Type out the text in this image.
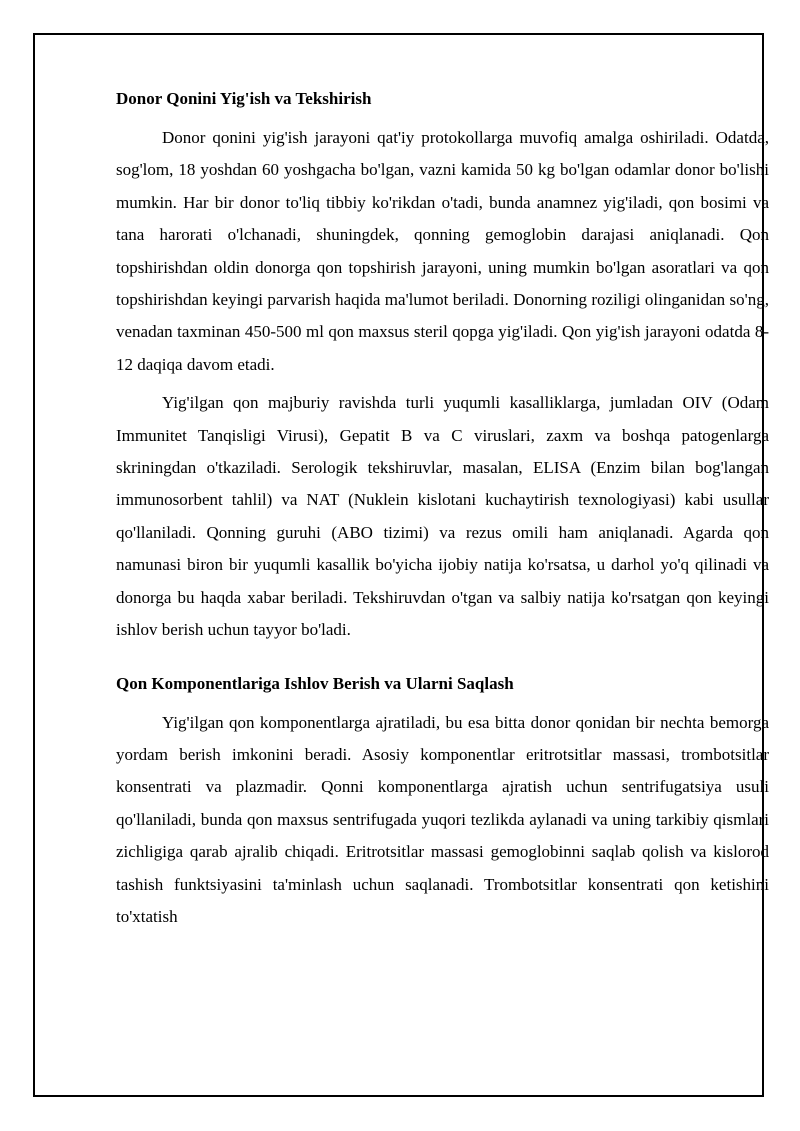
Donor Qonini Yig'ish va Tekshirish

Donor qonini yig'ish jarayoni qat'iy protokollarga muvofiq amalga oshiriladi. Odatda, sog'lom, 18 yoshdan 60 yoshgacha bo'lgan, vazni kamida 50 kg bo'lgan odamlar donor bo'lishi mumkin. Har bir donor to'liq tibbiy ko'rikdan o'tadi, bunda anamnez yig'iladi, qon bosimi va tana harorati o'lchanadi, shuningdek, qonning gemoglobin darajasi aniqlanadi. Qon topshirishdan oldin donorga qon topshirish jarayoni, uning mumkin bo'lgan asoratlari va qon topshirishdan keyingi parvarish haqida ma'lumot beriladi. Donorning roziligi olinganidan so'ng, venadan taxminan 450-500 ml qon maxsus steril qopga yig'iladi. Qon yig'ish jarayoni odatda 8-12 daqiqa davom etadi.

Yig'ilgan qon majburiy ravishda turli yuqumli kasalliklarga, jumladan OIV (Odam Immunitet Tanqisligi Virusi), Gepatit B va C viruslari, zaxm va boshqa patogenlarga skriningdan o'tkaziladi. Serologik tekshiruvlar, masalan, ELISA (Enzim bilan bog'langan immunosorbent tahlil) va NAT (Nuklein kislotani kuchaytirish texnologiyasi) kabi usullar qo'llaniladi. Qonning guruhi (ABO tizimi) va rezus omili ham aniqlanadi. Agarda qon namunasi biron bir yuqumli kasallik bo'yicha ijobiy natija ko'rsatsa, u darhol yo'q qilinadi va donorga bu haqda xabar beriladi. Tekshiruvdan o'tgan va salbiy natija ko'rsatgan qon keyingi ishlov berish uchun tayyor bo'ladi.

Qon Komponentlariga Ishlov Berish va Ularni Saqlash

Yig'ilgan qon komponentlarga ajratiladi, bu esa bitta donor qonidan bir nechta bemorga yordam berish imkonini beradi. Asosiy komponentlar eritrotsitlar massasi, trombotsitlar konsentrati va plazmadir. Qonni komponentlarga ajratish uchun sentrifugatsiya usuli qo'llaniladi, bunda qon maxsus sentrifugada yuqori tezlikda aylanadi va uning tarkibiy qismlari zichligiga qarab ajralib chiqadi. Eritrotsitlar massasi gemoglobinni saqlab qolish va kislorod tashish funktsiyasini ta'minlash uchun saqlanadi. Trombotsitlar konsentrati qon ketishini to'xtatish
